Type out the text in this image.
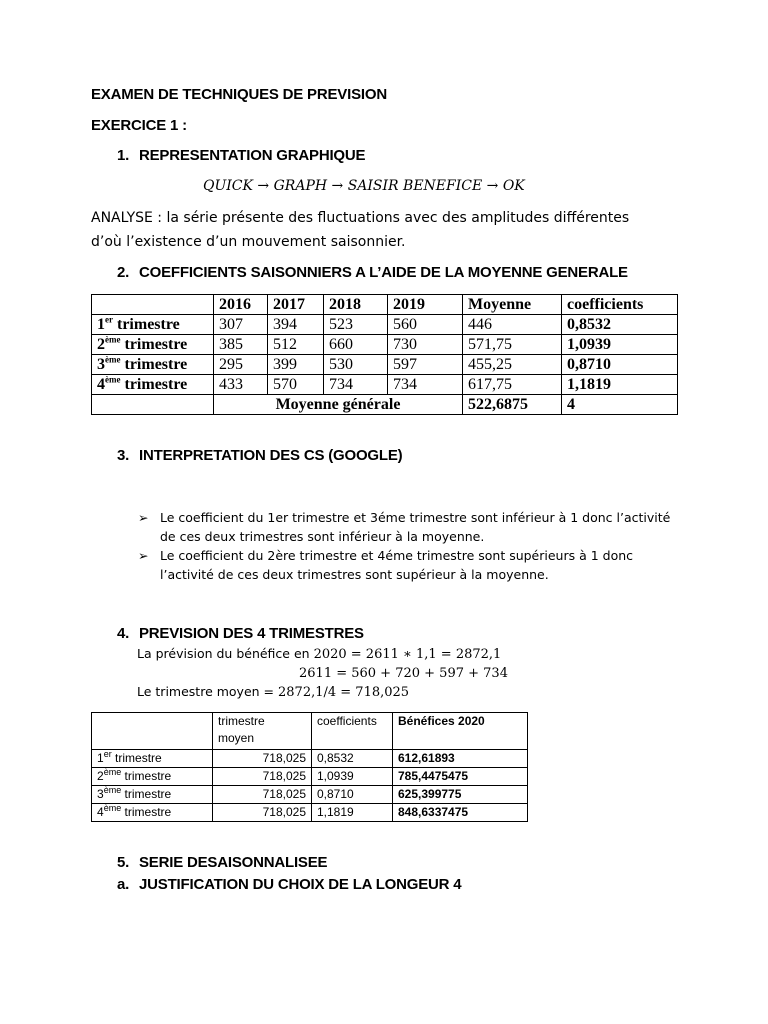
EXAMEN DE TECHNIQUES DE PREVISION
EXERCICE 1 :
1. REPRESENTATION GRAPHIQUE
QUICK → GRAPH → SAISIR BENEFICE → OK
ANALYSE : la série présente des fluctuations avec des amplitudes différentes
d’où l’existence d’un mouvement saisonnier.
2. COEFFICIENTS SAISONNIERS A L’AIDE DE LA MOYENNE GENERALE
	2016	2017	2018	2019	Moyenne	coefficients
1er trimestre	307	394	523	560	446	0,8532
2ème trimestre	385	512	660	730	571,75	1,0939
3ème trimestre	295	399	530	597	455,25	0,8710
4ème trimestre	433	570	734	734	617,75	1,1819
	Moyenne générale				522,6875	4
3. INTERPRETATION DES CS (GOOGLE)
➢ Le coefficient du 1er trimestre et 3éme trimestre sont inférieur à 1 donc l’activité
de ces deux trimestres sont inférieur à la moyenne.
➢ Le coefficient du 2ère trimestre et 4éme trimestre sont supérieurs à 1 donc
l’activité de ces deux trimestres sont supérieur à la moyenne.
4. PREVISION DES 4 TRIMESTRES
La prévision du bénéfice en 2020 = 2611 ∗ 1,1 = 2872,1
2611 = 560 + 720 + 597 + 734
Le trimestre moyen = 2872,1/4 = 718,025

	trimestre
moyen	coefficients	Bénéfices 2020
1er trimestre	718,025	0,8532	612,61893
2ème trimestre	718,025	1,0939	785,4475475
3ème trimestre	718,025	0,8710	625,399775
4ème trimestre	718,025	1,1819	848,6337475
5. SERIE DESAISONNALISEE
a. JUSTIFICATION DU CHOIX DE LA LONGEUR 4
